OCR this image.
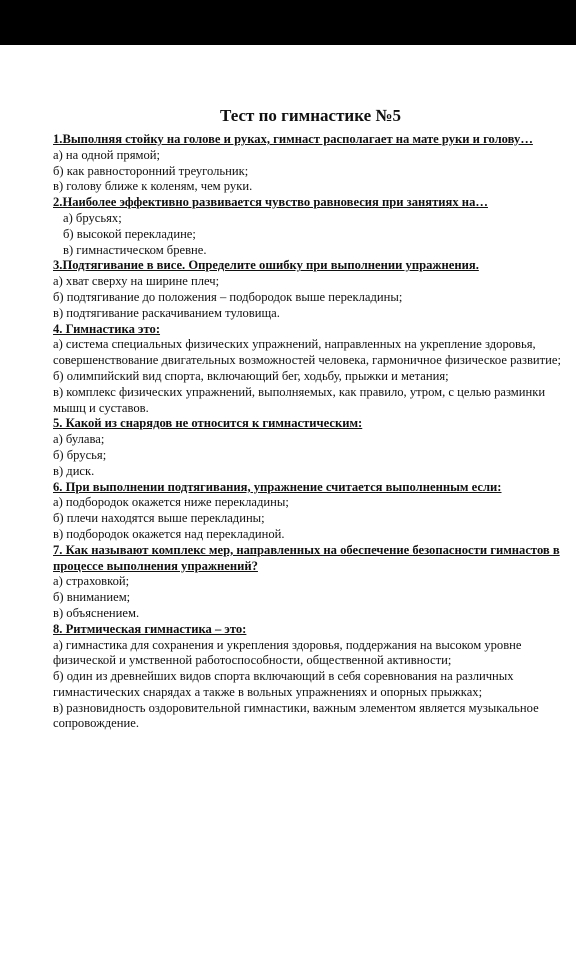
Тест по гимнастике №5

1.Выполняя стойку на голове и руках, гимнаст располагает на мате руки и голову…

а) на одной прямой;

б) как равносторонний треугольник;

в) голову ближе к коленям, чем руки.

2.Наиболее эффективно развивается чувство равновесия при занятиях на…

а) брусьях;

б) высокой перекладине;

в) гимнастическом бревне.

3.Подтягивание в висе. Определите ошибку при выполнении упражнения.

а) хват сверху на ширине плеч;

б) подтягивание до положения – подбородок выше перекладины;

в) подтягивание раскачиванием туловища.

4. Гимнастика это:

а) система специальных физических упражнений, направленных на укрепление здоровья, совершенствование двигательных возможностей человека, гармоничное физическое развитие;

б) олимпийский вид спорта, включающий бег, ходьбу, прыжки и метания;

в) комплекс физических упражнений, выполняемых, как правило, утром, с целью разминки мышц и суставов.

5. Какой из снарядов не относится к гимнастическим:

а) булава;

б) брусья;

в) диск.

6. При выполнении подтягивания, упражнение считается выполненным если:

а) подбородок окажется ниже перекладины;

б) плечи находятся выше перекладины;

в) подбородок окажется над перекладиной.

7. Как называют комплекс мер, направленных на обеспечение безопасности гимнастов в процессе выполнения упражнений?

а) страховкой;

б) вниманием;

в) объяснением.

8. Ритмическая гимнастика – это:

а) гимнастика для сохранения и укрепления здоровья, поддержания на высоком уровне физической и умственной работоспособности, общественной активности;

б) один из древнейших видов спорта включающий в себя соревнования на различных гимнастических снарядах а также в вольных упражнениях и опорных прыжках;

в) разновидность оздоровительной гимнастики, важным элементом является музыкальное сопровождение.
